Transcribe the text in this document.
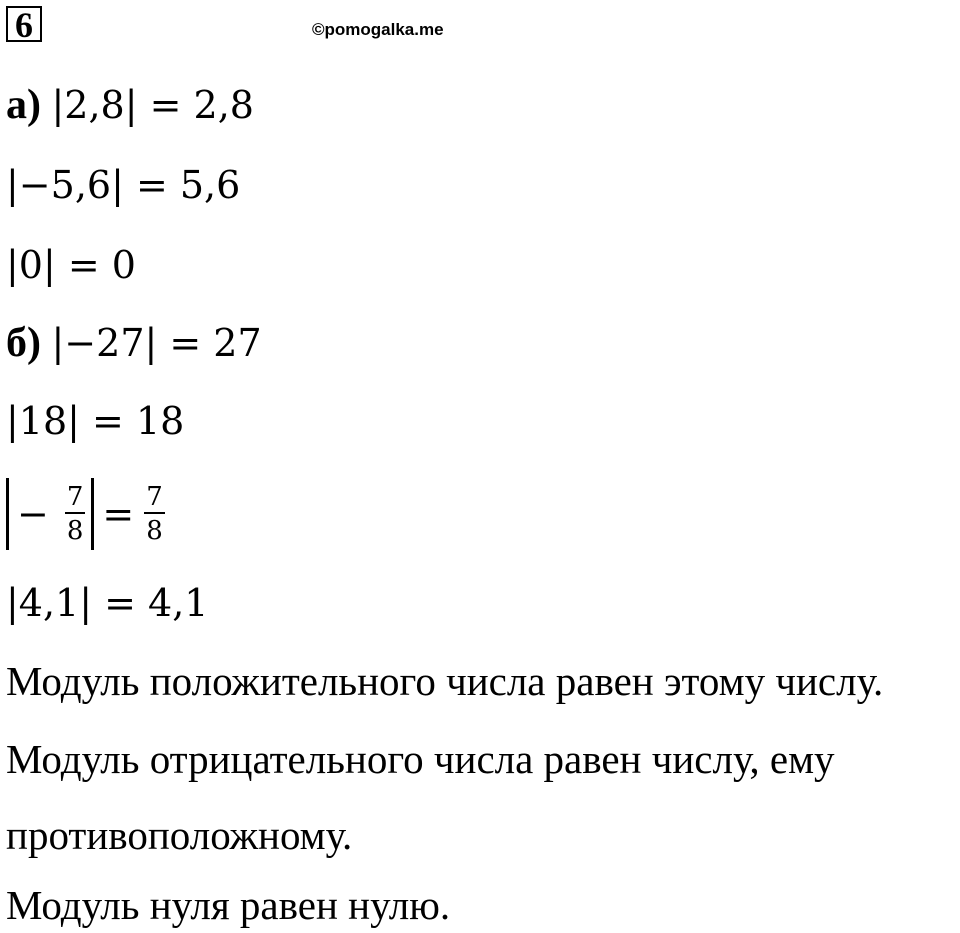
6	©pomogalka.me
а) |2,8| = 2,8
|−5,6| = 5,6
|0| = 0
б) |−27| = 27
|18| = 18
− $\frac{7}{8} = \frac{7}{8}$
|4,1| = 4,1
Модуль положительного числа равен этому числу.
Модуль отрицательного числа равен числу, ему
противоположному.
Модуль нуля равен нулю.
